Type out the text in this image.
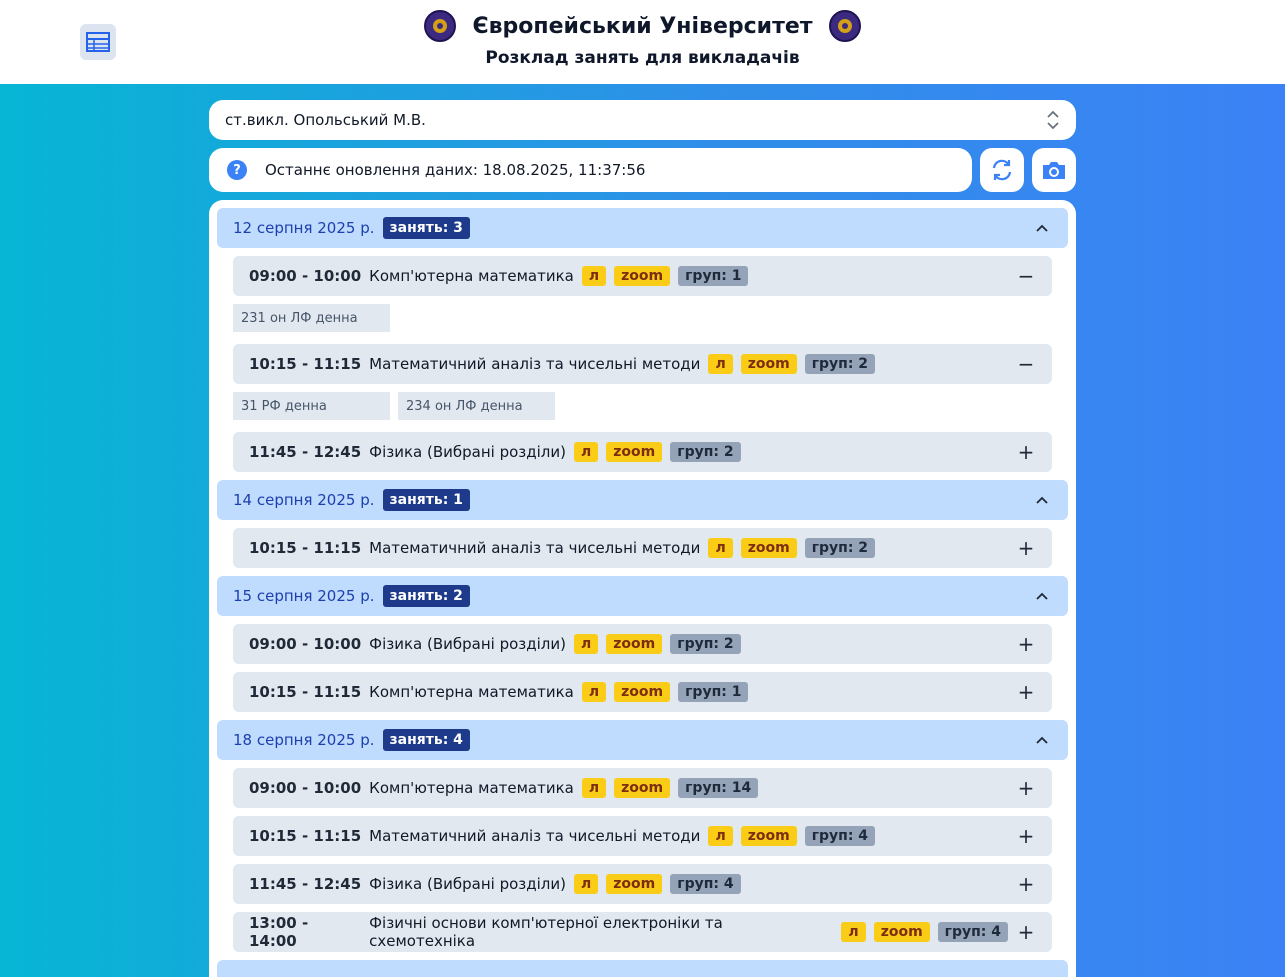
Європейський Університет
Розклад занять для викладачів
ст.викл. Опольський М.В.
?	Останнє оновлення даних: 18.08.2025, 11:37:56
12 серпня 2025 р.	занять: 3
09:00 - 10:00 Комп'ютерна математика	л	zoom	груп: 1	−
231 он ЛФ денна
10:15 - 11:15 Математичний аналіз та чисельні методи	л	zoom	груп: 2	−
31 РФ денна	234 он ЛФ денна
11:45 - 12:45 Фізика (Вибрані розділи)	л	zoom	груп: 2	+
14 серпня 2025 р.	занять: 1
10:15 - 11:15 Математичний аналіз та чисельні методи	л	zoom	груп: 2	+
15 серпня 2025 р.	занять: 2
09:00 - 10:00 Фізика (Вибрані розділи)	л	zoom	груп: 2	+
10:15 - 11:15 Комп'ютерна математика	л	zoom	груп: 1	+
18 серпня 2025 р.	занять: 4
09:00 - 10:00 Комп'ютерна математика	л	zoom	груп: 14	+
10:15 - 11:15 Математичний аналіз та чисельні методи	л	zoom	груп: 4	+
11:45 - 12:45 Фізика (Вибрані розділи)	л	zoom	груп: 4	+
13:00 - 14:00
Фізичні основи комп'ютерної електроніки та схемотехніка	л	zoom	груп: 4 +
